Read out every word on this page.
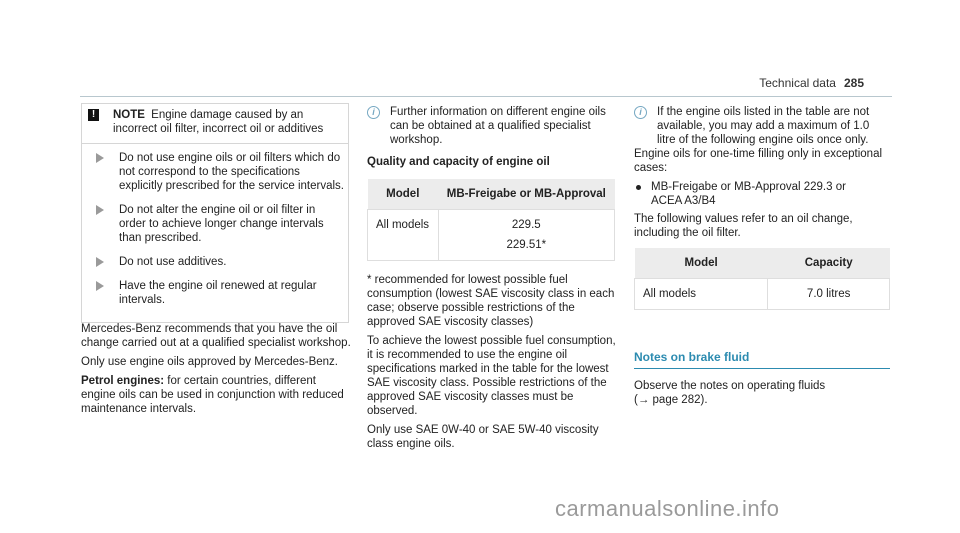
Technical data 285
!	NOTE Engine damage caused by an incorrect oil filter, incorrect oil or additives
Do not use engine oils or oil filters which do not correspond to the specifications explicitly prescribed for the service intervals.
Do not alter the engine oil or oil filter in order to achieve longer change intervals than prescribed.
Do not use additives.
Have the engine oil renewed at regular intervals.

Mercedes-Benz recommends that you have the oil change carried out at a qualified specialist workshop.

Only use engine oils approved by Mercedes-Benz.

Petrol engines: for certain countries, different engine oils can be used in conjunction with reduced maintenance intervals.

i	Further information on different engine oils can be obtained at a qualified specialist workshop.
Quality and capacity of engine oil
Model	MB-Freigabe or MB-Approval
All models	229.5
229.51*

* recommended for lowest possible fuel consumption (lowest SAE viscosity class in each case; observe possible restrictions of the approved SAE viscosity classes)

To achieve the lowest possible fuel consumption, it is recommended to use the engine oil specifications marked in the table for the lowest SAE viscosity class. Possible restrictions of the approved SAE viscosity classes must be observed.

Only use SAE 0W-40 or SAE 5W-40 viscosity class engine oils.

i	If the engine oils listed in the table are not available, you may add a maximum of 1.0 litre of the following engine oils once only.

Engine oils for one-time filling only in exceptional cases:

MB-Freigabe or MB-Approval 229.3 or
ACEA A3/B4

The following values refer to an oil change, including the oil filter.

Model	Capacity
All models	7.0 litres
Notes on brake fluid

Observe the notes on operating fluids
(→ page 282).

carmanualsonline.info
